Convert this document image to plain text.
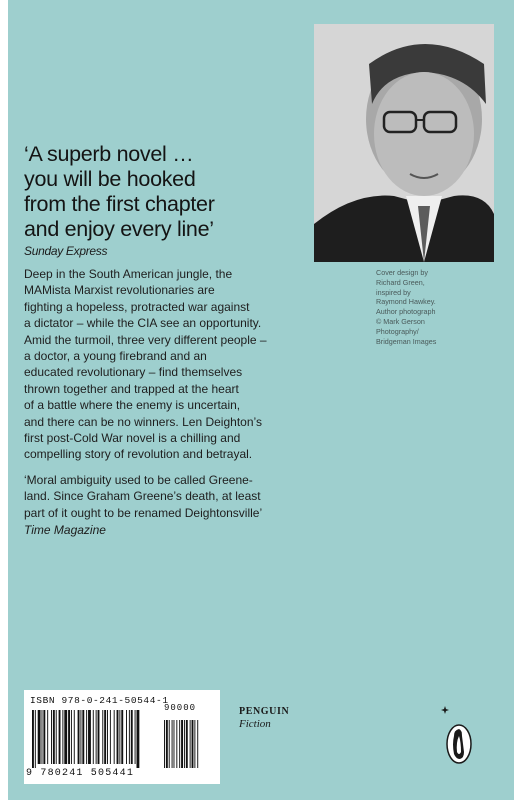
‘A superb novel …
you will be hooked
from the first chapter
and enjoy every line’
Sunday Express
Deep in the South American jungle, the
MAMista Marxist revolutionaries are
fighting a hopeless, protracted war against
a dictator – while the CIA see an opportunity.
Amid the turmoil, three very different people –
a doctor, a young firebrand and an
educated revolutionary – find themselves
thrown together and trapped at the heart
of a battle where the enemy is uncertain,
and there can be no winners. Len Deighton’s
first post-Cold War novel is a chilling and
compelling story of revolution and betrayal.
Cover design by
Richard Green,
inspired by
Raymond Hawkey.
Author photograph
© Mark Gerson
Photography/
Bridgeman Images
‘Moral ambiguity used to be called Greene-
land. Since Graham Greene’s death, at least
part of it ought to be renamed Deightonsville’
Time Magazine
ISBN 978-0-241-50544-1
90000
9 780241 505441
PENGUIN
Fiction
